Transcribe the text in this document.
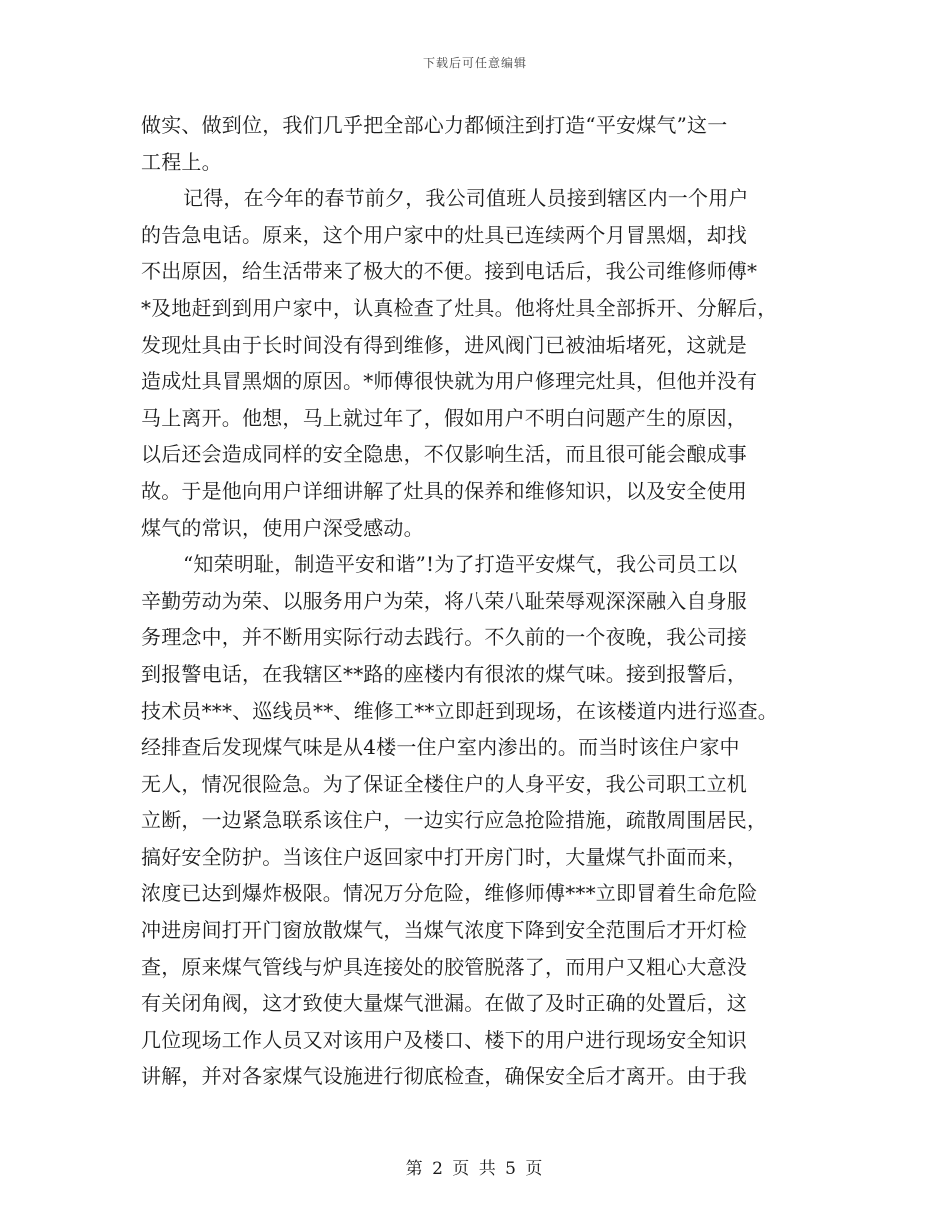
下载后可任意编辑
做实、做到位，我们几乎把全部心力都倾注到打造“平安煤气”这一
工程上。
记得，在今年的春节前夕，我公司值班人员接到辖区内一个用户
的告急电话。原来，这个用户家中的灶具已连续两个月冒黑烟，却找
不出原因，给生活带来了极大的不便。接到电话后，我公司维修师傅*
*及地赶到到用户家中，认真检查了灶具。他将灶具全部拆开、分解后，
发现灶具由于长时间没有得到维修，进风阀门已被油垢堵死，这就是
造成灶具冒黑烟的原因。*师傅很快就为用户修理完灶具，但他并没有
马上离开。他想，马上就过年了，假如用户不明白问题产生的原因，
以后还会造成同样的安全隐患，不仅影响生活，而且很可能会酿成事
故。于是他向用户详细讲解了灶具的保养和维修知识，以及安全使用
煤气的常识，使用户深受感动。
“知荣明耻，制造平安和谐”!为了打造平安煤气，我公司员工以
辛勤劳动为荣、以服务用户为荣，将八荣八耻荣辱观深深融入自身服
务理念中，并不断用实际行动去践行。不久前的一个夜晚，我公司接
到报警电话，在我辖区**路的座楼内有很浓的煤气味。接到报警后，
技术员***、巡线员**、维修工**立即赶到现场，在该楼道内进行巡查。
经排查后发现煤气味是从4楼一住户室内渗出的。而当时该住户家中
无人，情况很险急。为了保证全楼住户的人身平安，我公司职工立机
立断，一边紧急联系该住户，一边实行应急抢险措施，疏散周围居民，
搞好安全防护。当该住户返回家中打开房门时，大量煤气扑面而来，
浓度已达到爆炸极限。情况万分危险，维修师傅***立即冒着生命危险
冲进房间打开门窗放散煤气，当煤气浓度下降到安全范围后才开灯检
查，原来煤气管线与炉具连接处的胶管脱落了，而用户又粗心大意没
有关闭角阀，这才致使大量煤气泄漏。在做了及时正确的处置后，这
几位现场工作人员又对该用户及楼口、楼下的用户进行现场安全知识
讲解，并对各家煤气设施进行彻底检查，确保安全后才离开。由于我
第 2 页 共 5 页
